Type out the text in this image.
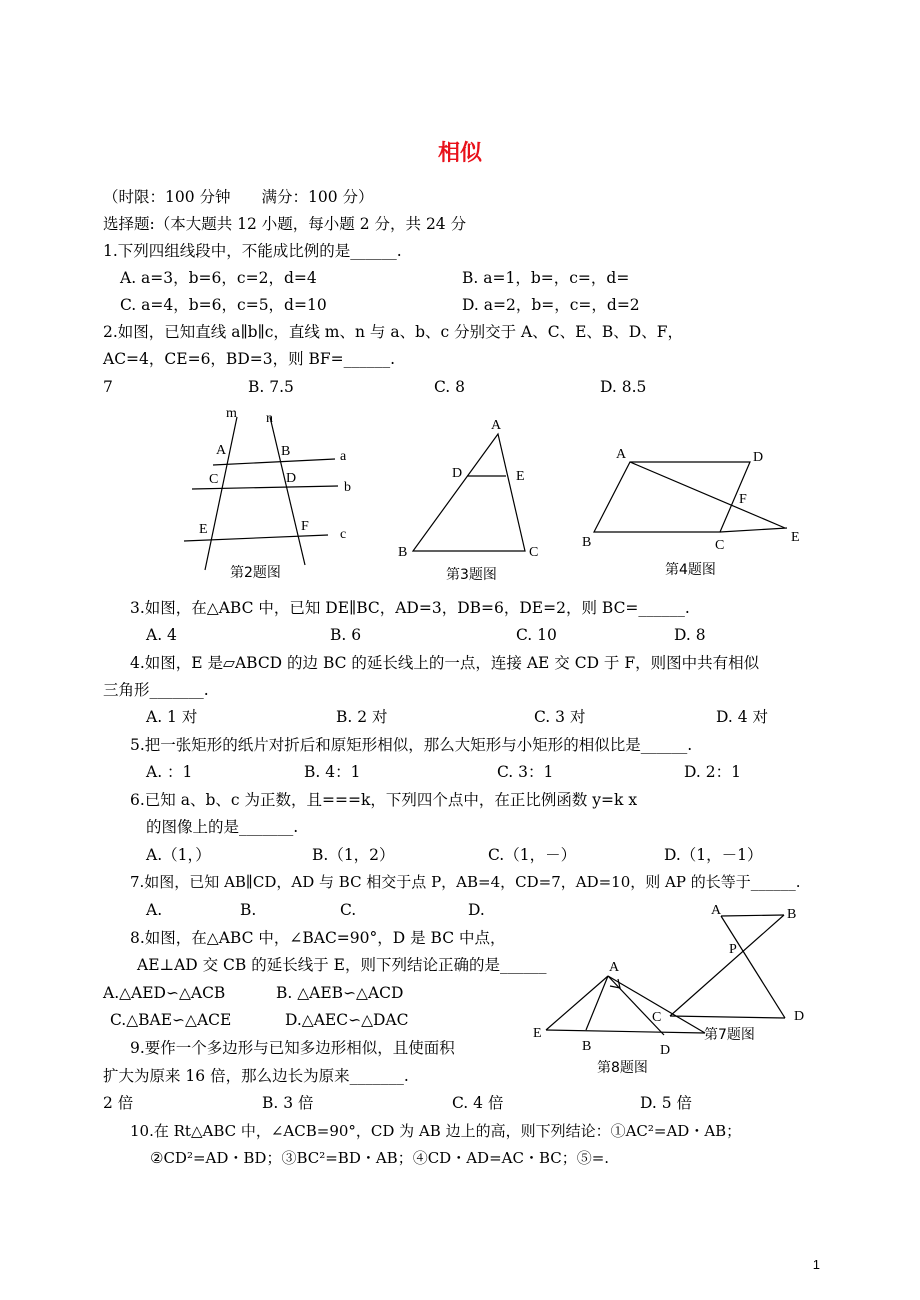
相似
（时限：100 分钟　　满分：100 分）
选择题:（本大题共 12 小题，每小题 2 分，共 24 分
1.下列四组线段中，不能成比例的是______.
A. a=3，b=6，c=2，d=4	B. a=1，b=，c=，d=
C. a=4，b=6，c=5，d=10	D. a=2，b=，c=，d=2
2.如图，已知直线 a∥b∥c，直线 m、n 与 a、b、c 分别交于 A、C、E、B、D、F，
AC=4，CE=6，BD=3，则 BF=______.
7	B. 7.5	C. 8	D. 8.5
m n
A	B	a
C	D
b
E	F
c
第2题图
A
D	E
B	C
第3题图
A	D
F
B	C
E
第4题图
3.如图，在△ABC 中，已知 DE∥BC，AD=3，DB=6，DE=2，则 BC=______.
A. 4	B. 6	C. 10	D. 8
4.如图，E 是▱ABCD 的边 BC 的延长线上的一点，连接 AE 交 CD 于 F，则图中共有相似
三角形_______.
A. 1 对	B. 2 对	C. 3 对	D. 4 对
5.把一张矩形的纸片对折后和原矩形相似，那么大矩形与小矩形的相似比是______.
A. ：1	B. 4：1	C. 3：1	D. 2：1
6.已知 a、b、c 为正数，且===k，下列四个点中，在正比例函数 y=k x
的图像上的是_______.
A.（1，）	B.（1，2）	C.（1，－）	D.（1，－1）
7.如图，已知 AB∥CD，AD 与 BC 相交于点 P，AB=4，CD=7，AD=10，则 AP 的长等于______.
A.	B.	C.	D.	A	B
P
C	D
第7题图
A
E
B	D
第8题图
8.如图，在△ABC 中，∠BAC=90°，D 是 BC 中点，
AE⊥AD 交 CB 的延长线于 E，则下列结论正确的是______
A.△AED∽△ACB	B. △AEB∽△ACD
C.△BAE∽△ACE	D.△AEC∽△DAC
9.要作一个多边形与已知多边形相似，且使面积
扩大为原来 16 倍，那么边长为原来_______.
2 倍	B. 3 倍	C. 4 倍	D. 5 倍
10.在 Rt△ABC 中，∠ACB=90°，CD 为 AB 边上的高，则下列结论：①AC²=AD・AB；
②CD²=AD・BD；③BC²=BD・AB；④CD・AD=AC・BC；⑤=.
1
